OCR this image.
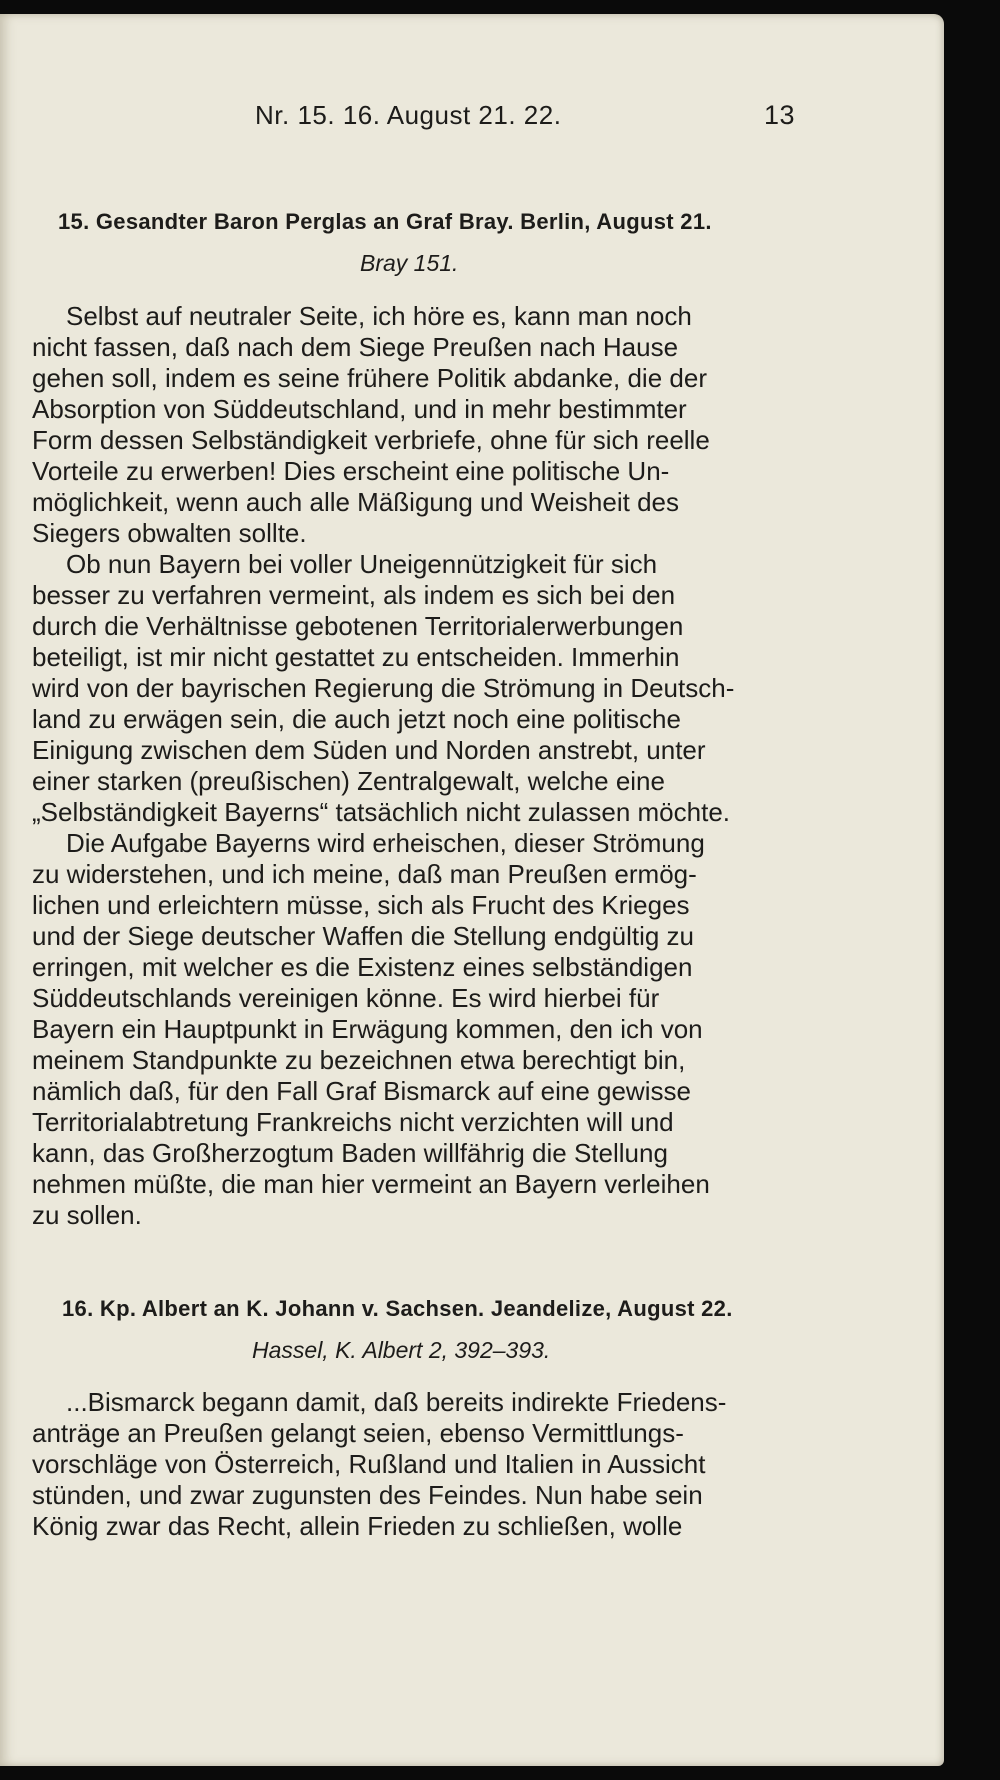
Nr. 15. 16. August 21. 22.	13
15. Gesandter Baron Perglas an Graf Bray. Berlin, August 21.
Bray 151.
Selbst auf neutraler Seite, ich höre es, kann man noch
nicht fassen, daß nach dem Siege Preußen nach Hause
gehen soll, indem es seine frühere Politik abdanke, die der
Absorption von Süddeutschland, und in mehr bestimmter
Form dessen Selbständigkeit verbriefe, ohne für sich reelle
Vorteile zu erwerben! Dies erscheint eine politische Un-
möglichkeit, wenn auch alle Mäßigung und Weisheit des
Siegers obwalten sollte.
Ob nun Bayern bei voller Uneigennützigkeit für sich
besser zu verfahren vermeint, als indem es sich bei den
durch die Verhältnisse gebotenen Territorialerwerbungen
beteiligt, ist mir nicht gestattet zu entscheiden. Immerhin
wird von der bayrischen Regierung die Strömung in Deutsch-
land zu erwägen sein, die auch jetzt noch eine politische
Einigung zwischen dem Süden und Norden anstrebt, unter
einer starken (preußischen) Zentralgewalt, welche eine
„Selbständigkeit Bayerns“ tatsächlich nicht zulassen möchte.
Die Aufgabe Bayerns wird erheischen, dieser Strömung
zu widerstehen, und ich meine, daß man Preußen ermög-
lichen und erleichtern müsse, sich als Frucht des Krieges
und der Siege deutscher Waffen die Stellung endgültig zu
erringen, mit welcher es die Existenz eines selbständigen
Süddeutschlands vereinigen könne. Es wird hierbei für
Bayern ein Hauptpunkt in Erwägung kommen, den ich von
meinem Standpunkte zu bezeichnen etwa berechtigt bin,
nämlich daß, für den Fall Graf Bismarck auf eine gewisse
Territorialabtretung Frankreichs nicht verzichten will und
kann, das Großherzogtum Baden willfährig die Stellung
nehmen müßte, die man hier vermeint an Bayern verleihen
zu sollen.
16. Kp. Albert an K. Johann v. Sachsen. Jeandelize, August 22.
Hassel, K. Albert 2, 392–393.
...Bismarck begann damit, daß bereits indirekte Friedens-
anträge an Preußen gelangt seien, ebenso Vermittlungs-
vorschläge von Österreich, Rußland und Italien in Aussicht
stünden, und zwar zugunsten des Feindes. Nun habe sein
König zwar das Recht, allein Frieden zu schließen, wolle
